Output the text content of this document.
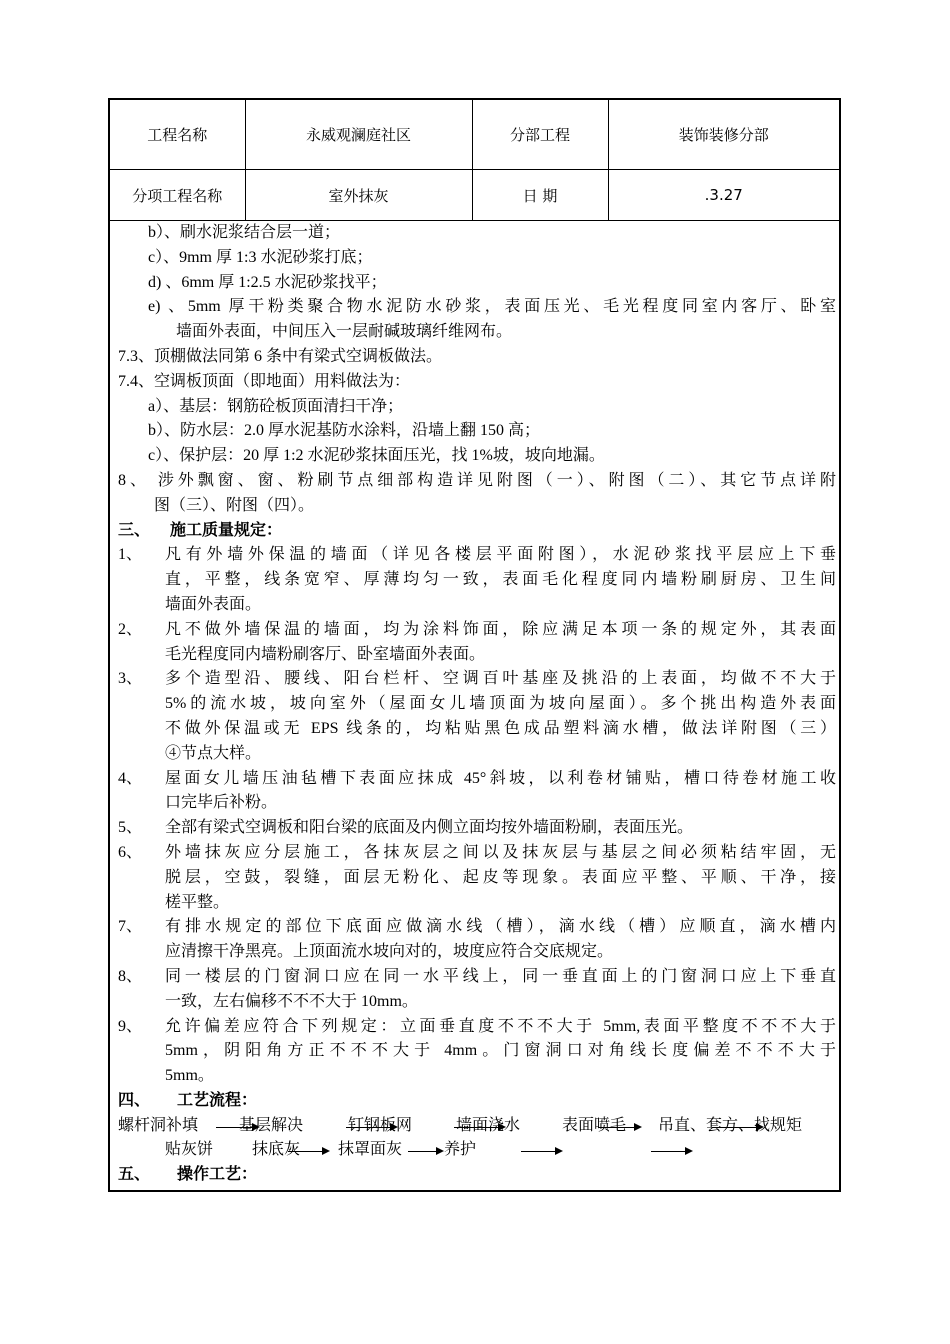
工程名称	永威观澜庭社区	分部工程	装饰装修分部
分项工程名称	室外抹灰	日 期	.3.27
b）、刷水泥浆结合层一道；
c）、9mm 厚 1:3 水泥砂浆打底；
d) 、6mm 厚 1:2.5 水泥砂浆找平；
e) 、5mm 厚干粉类聚合物水泥防水砂浆，表面压光、毛光程度同室内客厅、卧室
墙面外表面，中间压入一层耐碱玻璃纤维网布。
7.3、顶棚做法同第 6 条中有梁式空调板做法。
7.4、空调板顶面（即地面）用料做法为：
a）、基层：钢筋砼板顶面清扫干净；
b）、防水层：2.0 厚水泥基防水涂料，沿墙上翻 150 高；
c）、保护层：20 厚 1:2 水泥砂浆抹面压光，找 1%坡，坡向地漏。
8、 涉外飘窗、窗、粉刷节点细部构造详见附图（一）、附图（二）、其它节点详附
图（三）、附图（四）。
三、 施工质量规定：
1、 凡有外墙外保温的墙面（详见各楼层平面附图），水泥砂浆找平层应上下垂
直，平整，线条宽窄、厚薄均匀一致，表面毛化程度同内墙粉刷厨房、卫生间
墙面外表面。
2、 凡不做外墙保温的墙面，均为涂料饰面，除应满足本项一条的规定外，其表面
毛光程度同内墙粉刷客厅、卧室墙面外表面。
3、 多个造型沿、腰线、阳台栏杆、空调百叶基座及挑沿的上表面，均做不不大于
5%的流水坡，坡向室外（屋面女儿墙顶面为坡向屋面）。多个挑出构造外表面
不做外保温或无 EPS 线条的，均粘贴黑色成品塑料滴水槽，做法详附图（三）
④节点大样。
4、 屋面女儿墙压油毡槽下表面应抹成 45°斜坡，以利卷材铺贴，槽口待卷材施工收
口完毕后补粉。
5、 全部有梁式空调板和阳台梁的底面及内侧立面均按外墙面粉刷，表面压光。
6、 外墙抹灰应分层施工，各抹灰层之间以及抹灰层与基层之间必须粘结牢固，无
脱层，空鼓，裂缝，面层无粉化、起皮等现象。表面应平整、平顺、干净，接
槎平整。
7、 有排水规定的部位下底面应做滴水线（槽），滴水线（槽）应顺直，滴水槽内
应清擦干净黑亮。上顶面流水坡向对的，坡度应符合交底规定。
8、 同一楼层的门窗洞口应在同一水平线上，同一垂直面上的门窗洞口应上下垂直
一致，左右偏移不不不大于 10mm。
9、 允许偏差应符合下列规定：立面垂直度不不不大于 5mm,表面平整度不不不大于
5mm，阴阳角方正不不不大于 4mm。门窗洞口对角线长度偏差不不不大于
5mm。
四、 工艺流程：
螺杆洞补填	基层解决	钉钢板网	墙面浇水	表面喷毛 吊直、套方、找规矩
贴灰饼 抹底灰 抹罩面灰	养护
五、 操作工艺：
